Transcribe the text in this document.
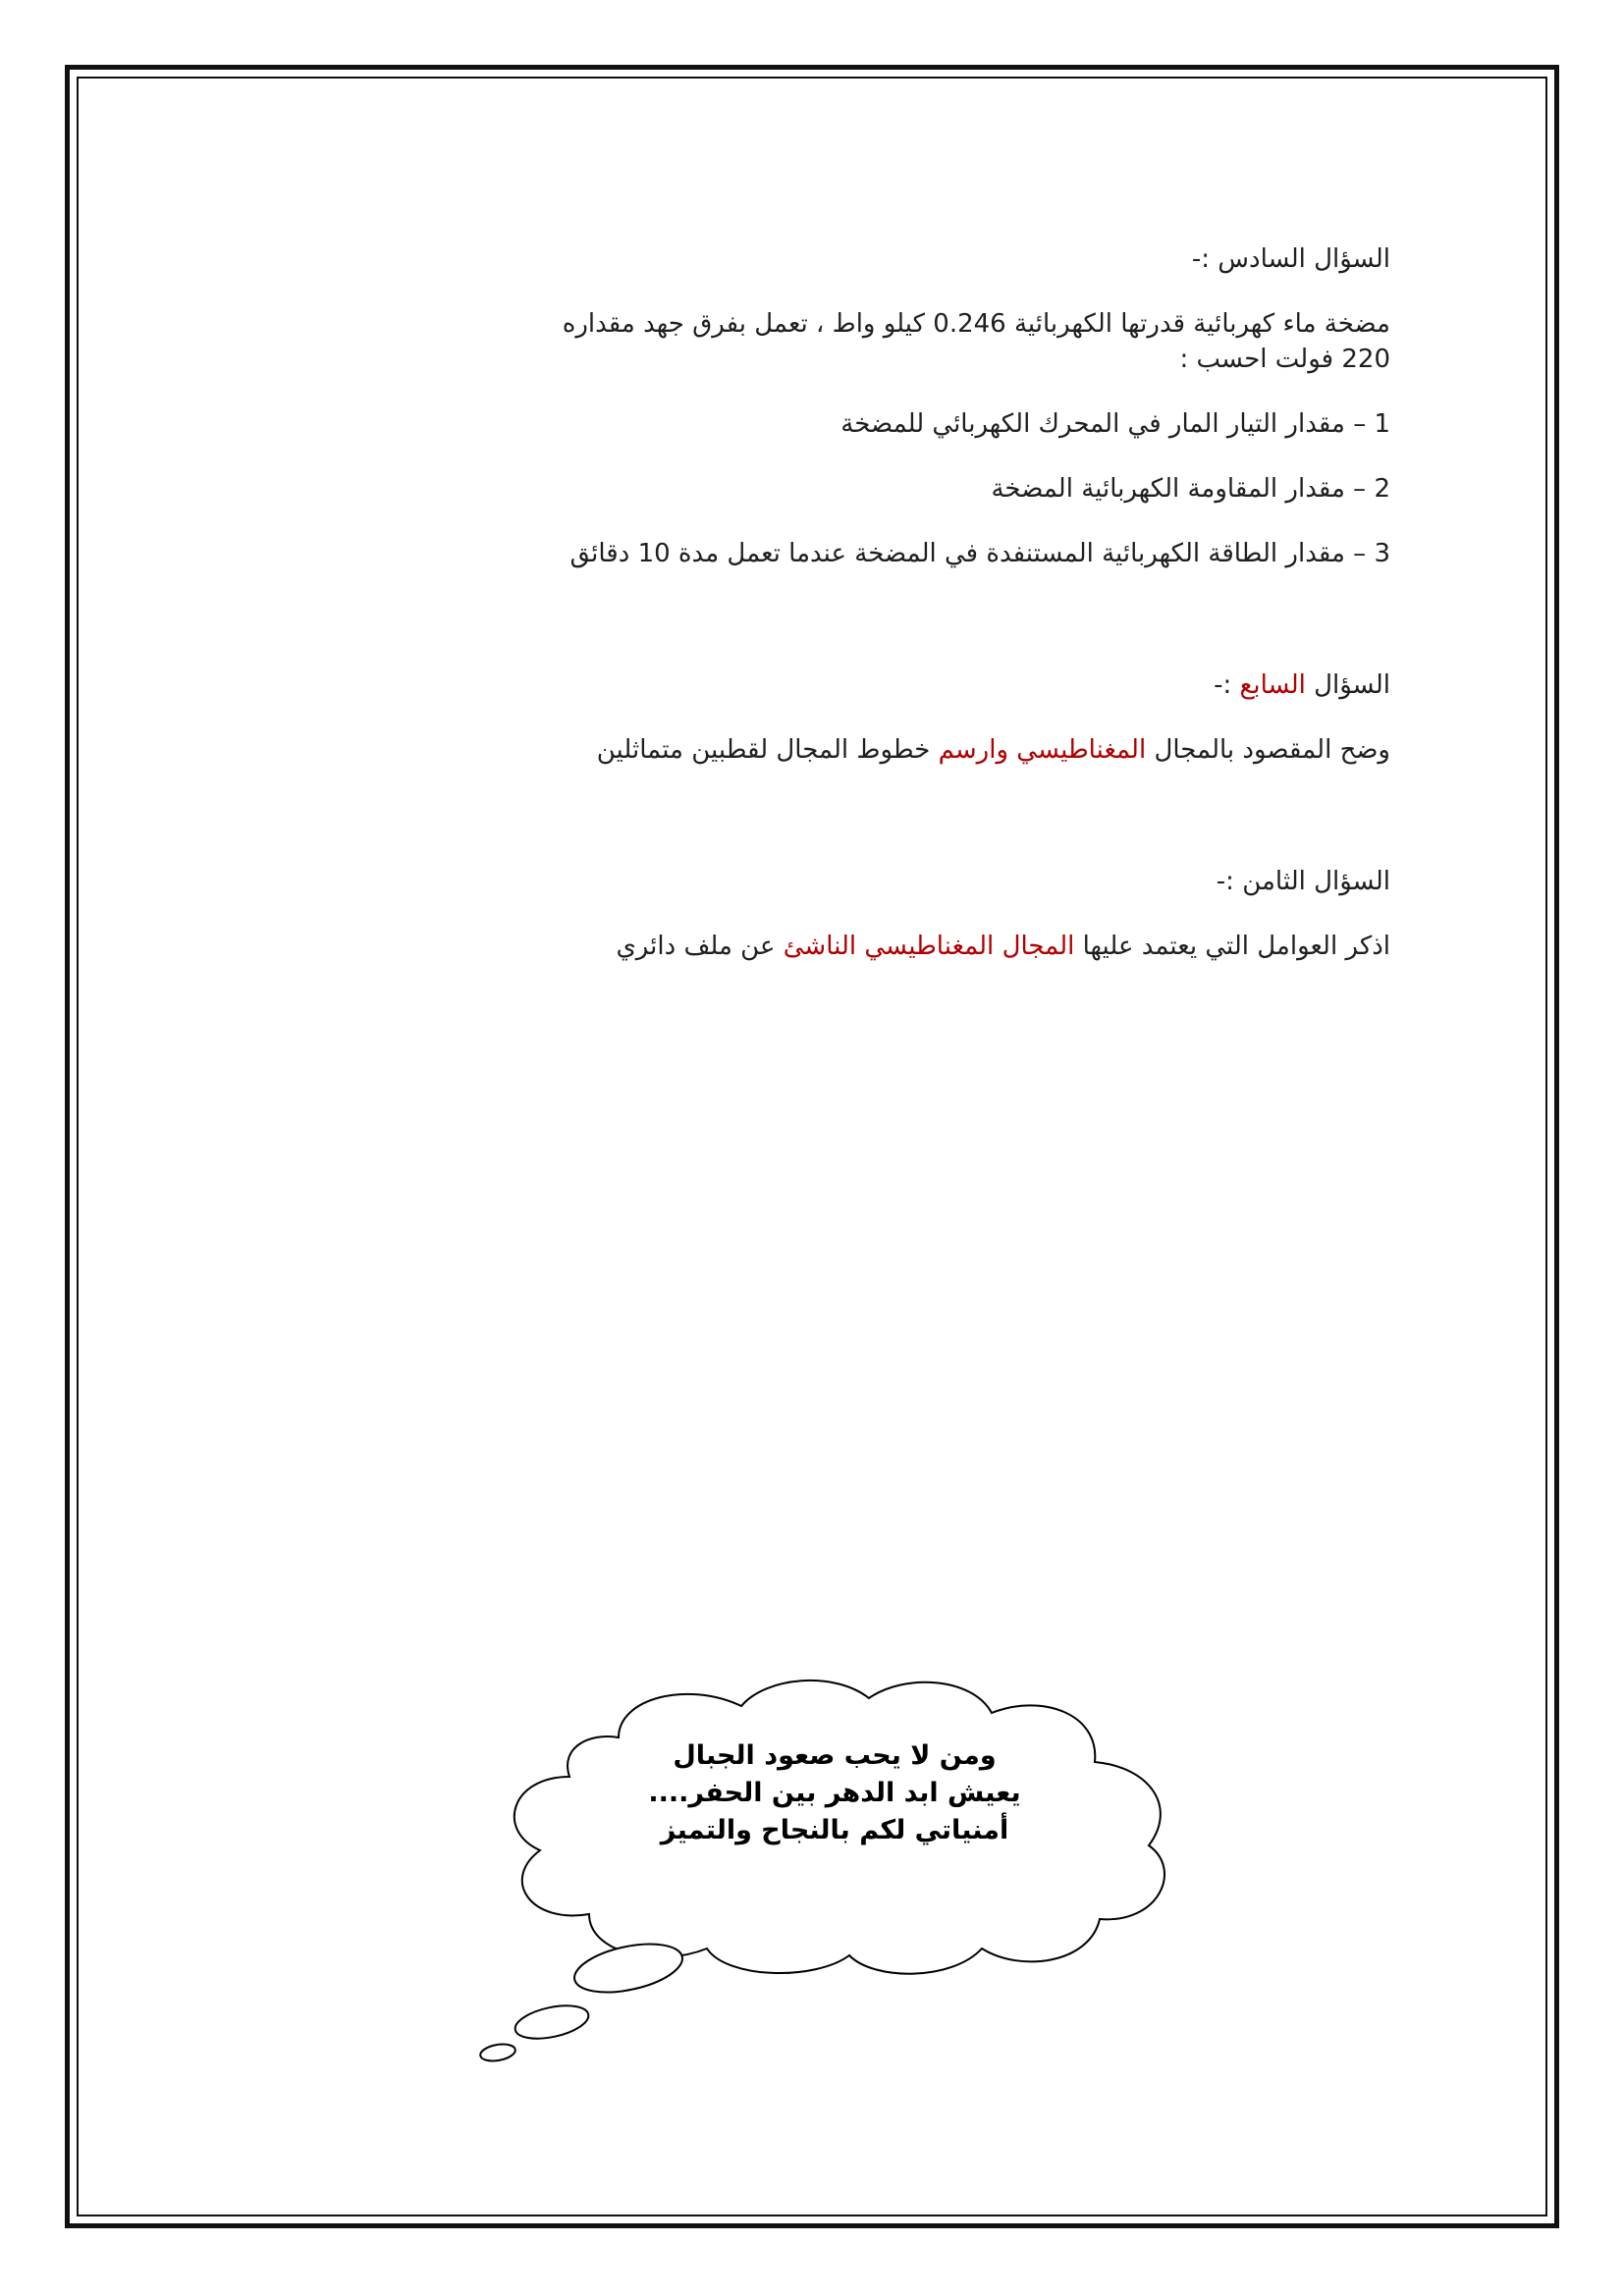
السؤال السادس :-

مضخة ماء كهربائية قدرتها الكهربائية 0.246 كيلو واط ، تعمل بفرق جهد مقداره

220 فولت احسب :

1 – مقدار التيار المار في المحرك الكهربائي للمضخة

2 – مقدار المقاومة الكهربائية المضخة

3 – مقدار الطاقة الكهربائية المستنفدة في المضخة عندما تعمل مدة 10 دقائق

السؤال السابع :-

وضح المقصود بالمجال المغناطيسي وارسم خطوط المجال لقطبين متماثلين

السؤال الثامن :-

اذكر العوامل التي يعتمد عليها المجال المغناطيسي الناشئ عن ملف دائري

ومن لا يحب صعود الجبال
يعيش ابد الدهر بين الحفر....
أمنياتي لكم بالنجاح والتميز
